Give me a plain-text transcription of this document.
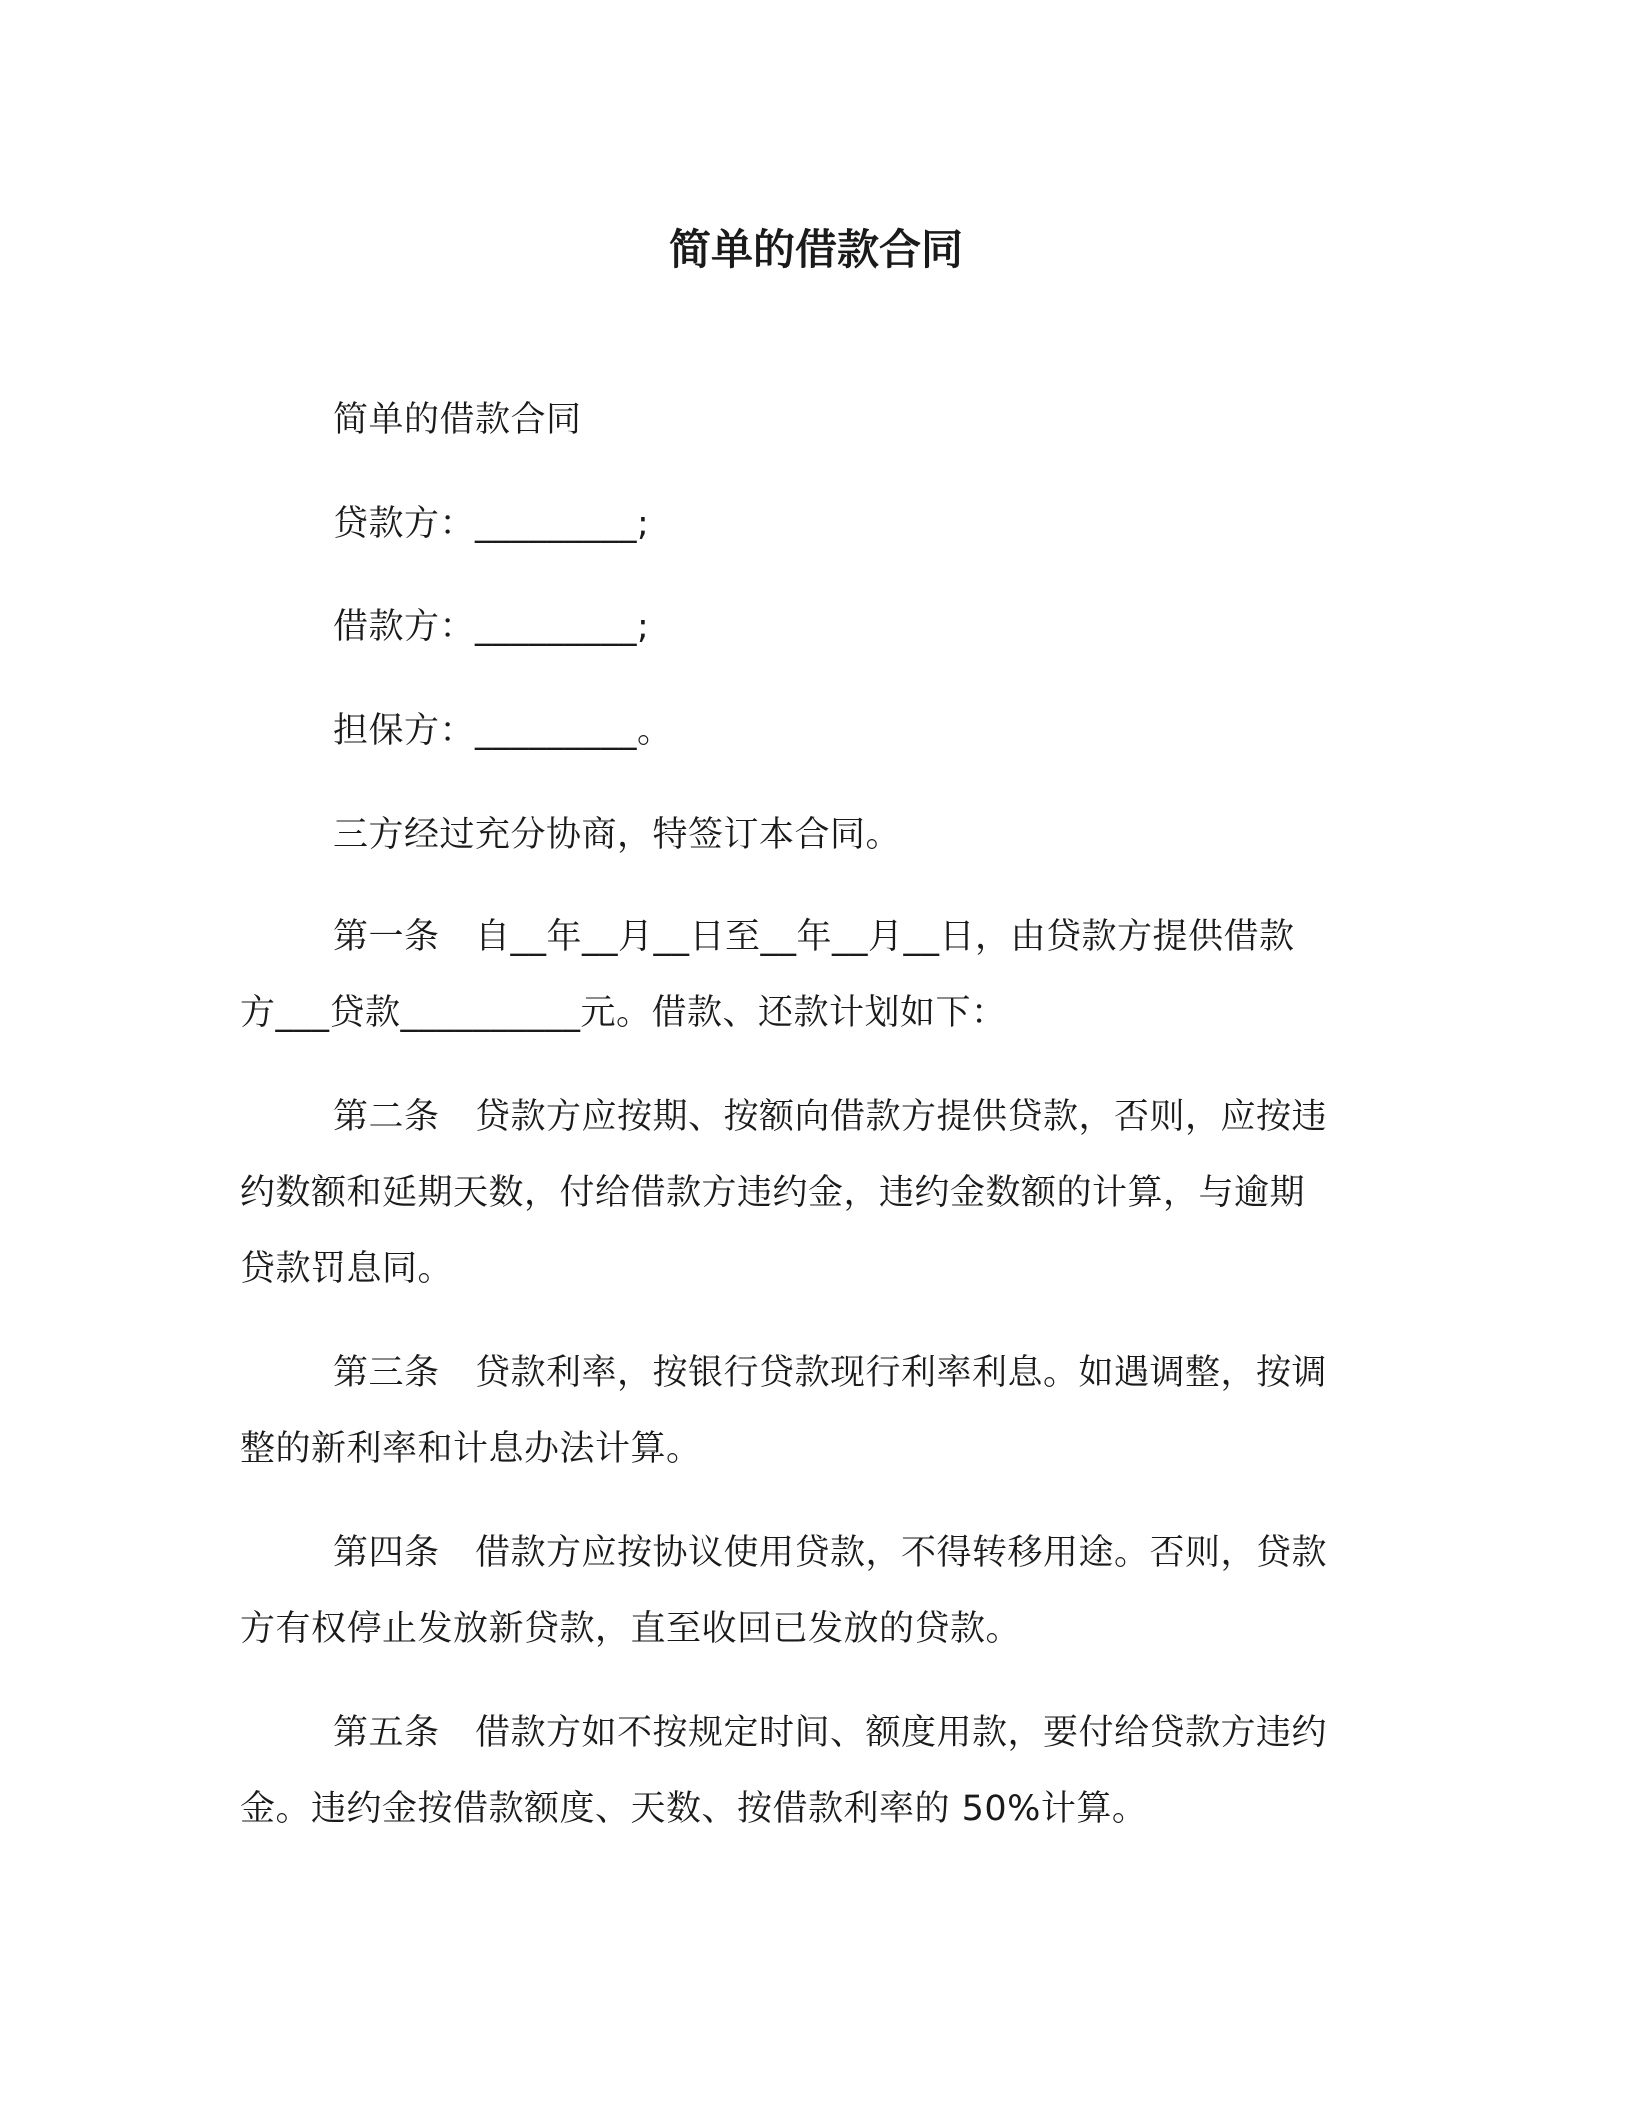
简单的借款合同
简单的借款合同
贷款方：_________;
借款方：_________;
担保方：_________。
三方经过充分协商，特签订本合同。
第一条　自__年__月__日至__年__月__日，由贷款方提供借款
方___贷款__________元。借款、还款计划如下：
第二条　贷款方应按期、按额向借款方提供贷款，否则，应按违
约数额和延期天数，付给借款方违约金，违约金数额的计算，与逾期
贷款罚息同。
第三条　贷款利率，按银行贷款现行利率利息。如遇调整，按调
整的新利率和计息办法计算。
第四条　借款方应按协议使用贷款，不得转移用途。否则，贷款
方有权停止发放新贷款，直至收回已发放的贷款。
第五条　借款方如不按规定时间、额度用款，要付给贷款方违约
金。违约金按借款额度、天数、按借款利率的 50%计算。
